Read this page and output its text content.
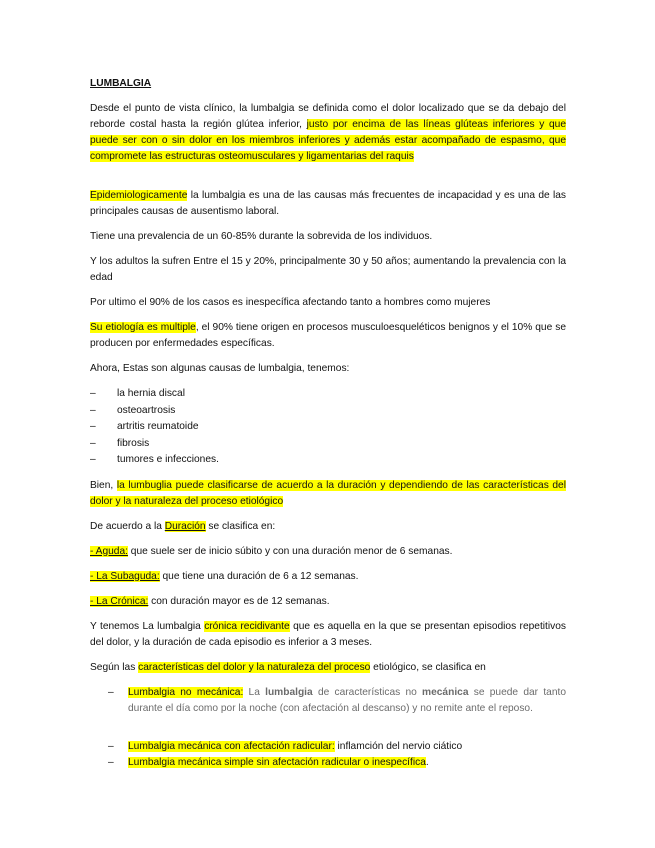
LUMBALGIA

Desde el punto de vista clínico, la lumbalgia se definida como el dolor localizado que se da debajo del reborde costal hasta la región glútea inferior, justo por encima de las líneas glúteas inferiores y que puede ser con o sin dolor en los miembros inferiores y además estar acompañado de espasmo, que compromete las estructuras osteomusculares y ligamentarias del raquis

Epidemiologicamente la lumbalgia es una de las causas más frecuentes de incapacidad y es una de las principales causas de ausentismo laboral.

Tiene una prevalencia de un 60-85% durante la sobrevida de los individuos.

Y los adultos la sufren Entre el 15 y 20%, principalmente 30 y 50 años; aumentando la prevalencia con la edad

Por ultimo el 90% de los casos es inespecífica afectando tanto a hombres como mujeres

Su etiología es multiple, el 90% tiene origen en procesos musculoesqueléticos benignos y el 10% que se producen por enfermedades específicas.

Ahora, Estas son algunas causas de lumbalgia, tenemos:

– la hernia discal
– osteoartrosis
– artritis reumatoide
– fibrosis
– tumores e infecciones.

Bien, la lumbuglia puede clasificarse de acuerdo a la duración y dependiendo de las características del dolor y la naturaleza del proceso etiológico

De acuerdo a la Duración se clasifica en:

- Aguda: que suele ser de inicio súbito y con una duración menor de 6 semanas.

- La Subaguda: que tiene una duración de 6 a 12 semanas.

- La Crónica: con duración mayor es de 12 semanas.

Y tenemos La lumbalgia crónica recidivante que es aquella en la que se presentan episodios repetitivos del dolor, y la duración de cada episodio es inferior a 3 meses.

Según las características del dolor y la naturaleza del proceso etiológico, se clasifica en

– Lumbalgia no mecánica: La lumbalgia de características no mecánica se puede dar tanto durante el día como por la noche (con afectación al descanso) y no remite ante el reposo.
– Lumbalgia mecánica con afectación radicular: inflamción del nervio ciático
– Lumbalgia mecánica simple sin afectación radicular o inespecífica.
